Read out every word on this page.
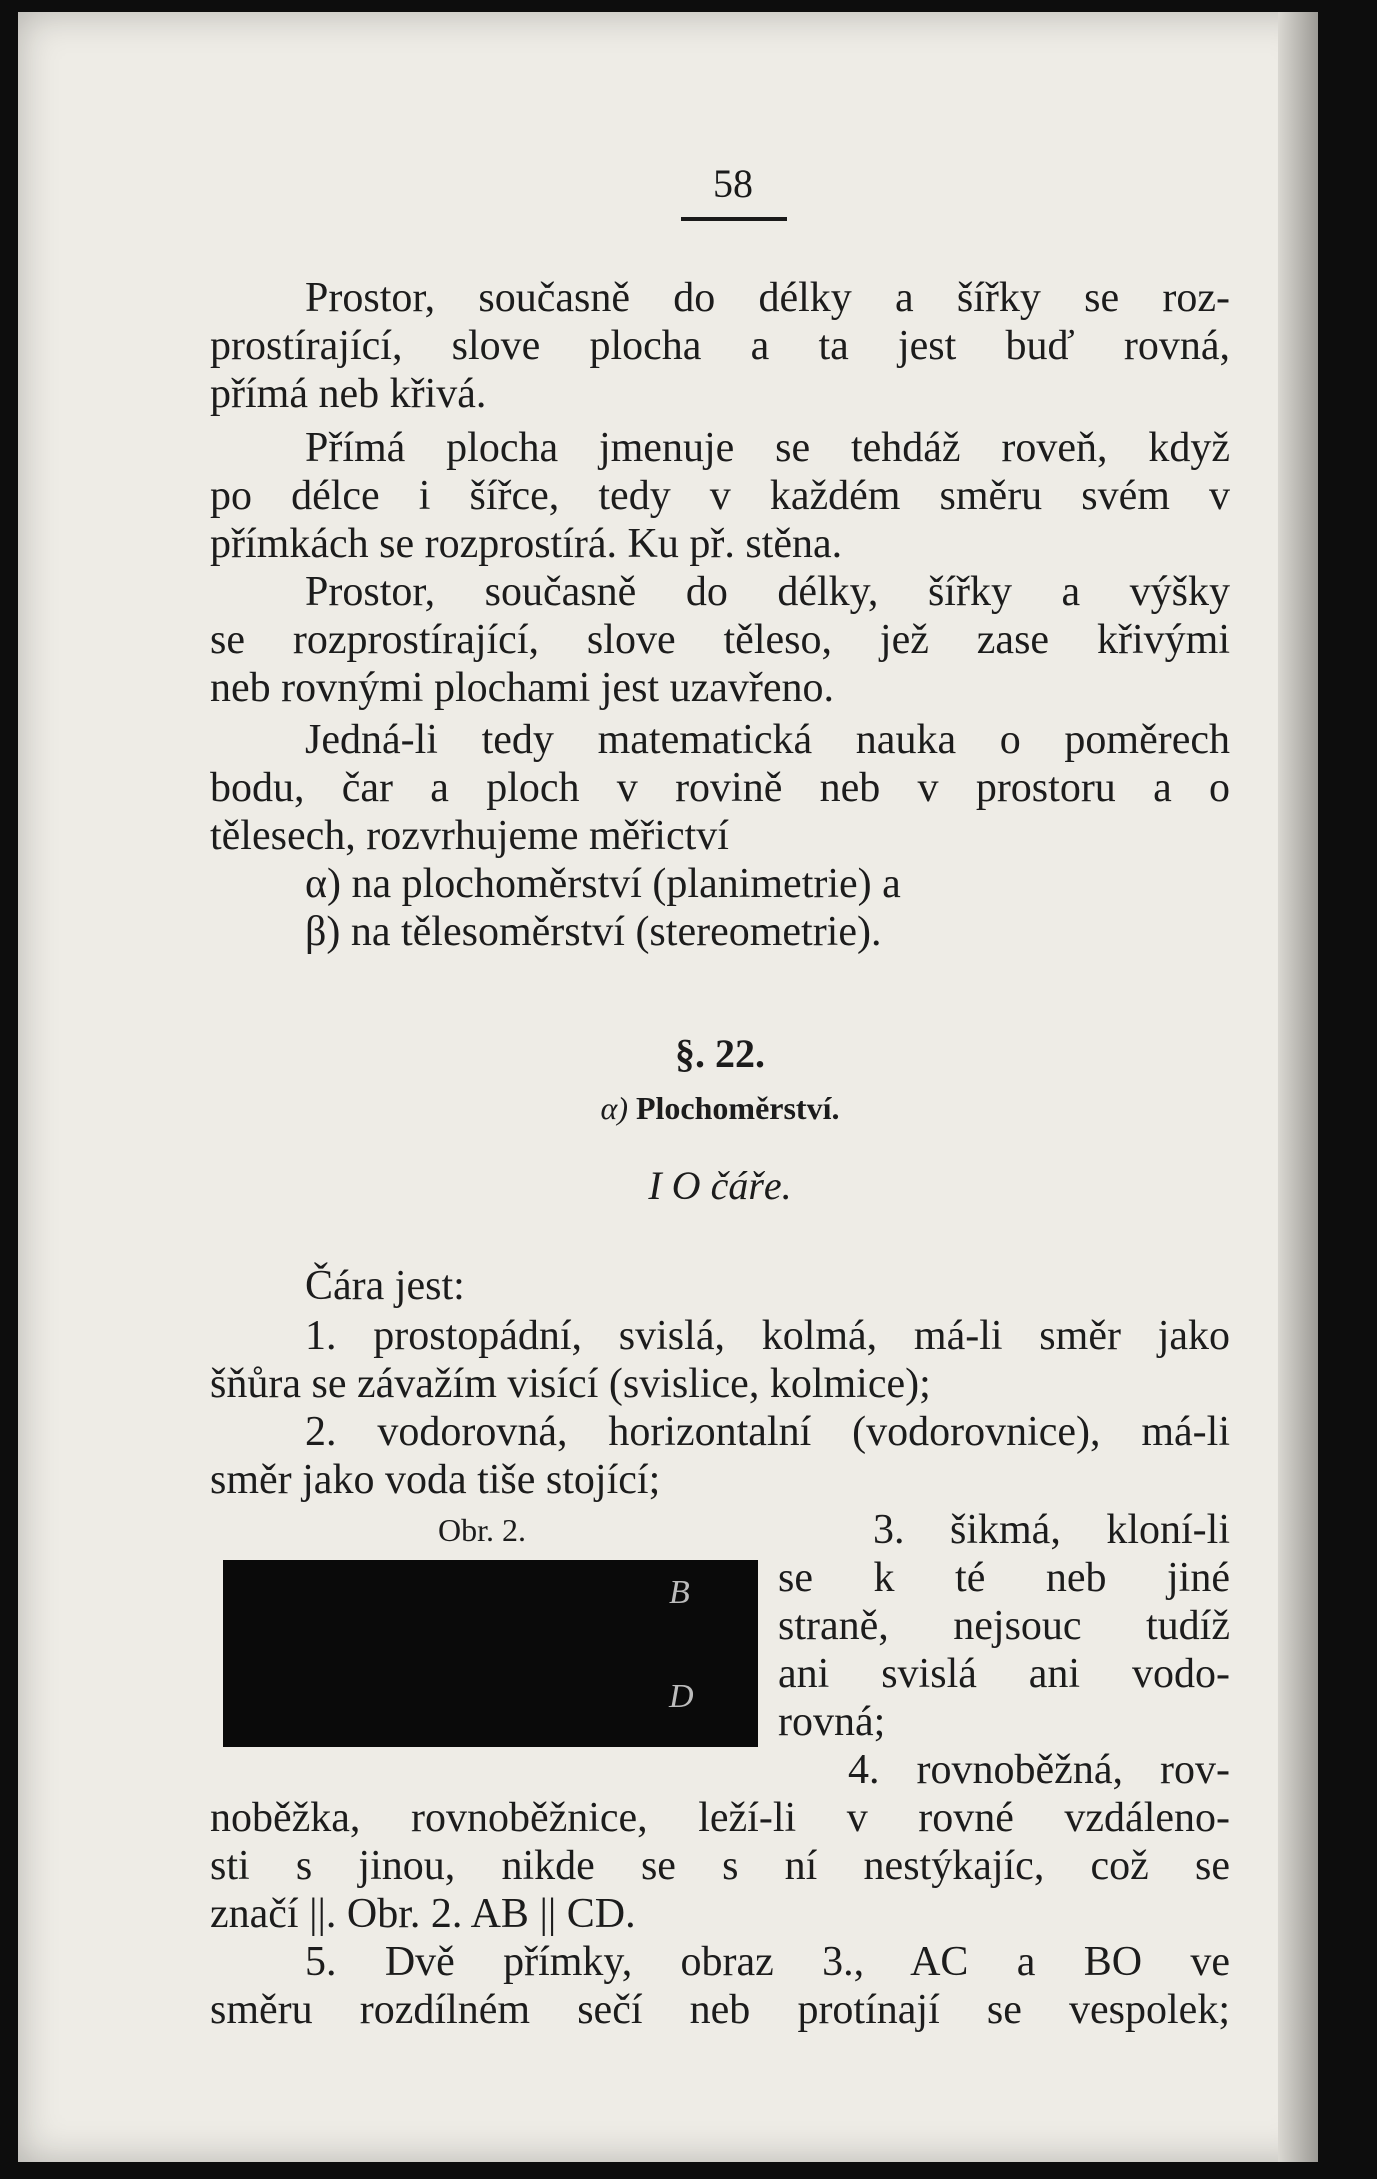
58
Prostor, současně do délky a šířky se roz-
prostírající, slove plocha a ta jest buď rovná,
přímá neb křivá.
Přímá plocha jmenuje se tehdáž roveň, když
po délce i šířce, tedy v každém směru svém v
přímkách se rozprostírá. Ku př. stěna.
Prostor, současně do délky, šířky a výšky
se rozprostírající, slove těleso, jež zase křivými
neb rovnými plochami jest uzavřeno.
Jedná-li tedy matematická nauka o poměrech
bodu, čar a ploch v rovině neb v prostoru a o
tělesech, rozvrhujeme měřictví
α) na plochoměrství (planimetrie) a
β) na tělesoměrství (stereometrie).
§. 22.
α) Plochoměrství.
I O čáře.
Čára jest:
1. prostopádní, svislá, kolmá, má-li směr jako
šňůra se závažím visící (svislice, kolmice);
2. vodorovná, horizontalní (vodorovnice), má-li
směr jako voda tiše stojící;
Obr. 2.
B
D
3. šikmá, kloní-li
se k té neb jiné
straně, nejsouc tudíž
ani svislá ani vodo-
rovná;
4. rovnoběžná, rov-
noběžka, rovnoběžnice, leží-li v rovné vzdáleno-
sti s jinou, nikde se s ní nestýkajíc, což se
značí ||. Obr. 2. AB || CD.
5. Dvě přímky, obraz 3., AC a BO ve
směru rozdílném sečí neb protínají se vespolek;
